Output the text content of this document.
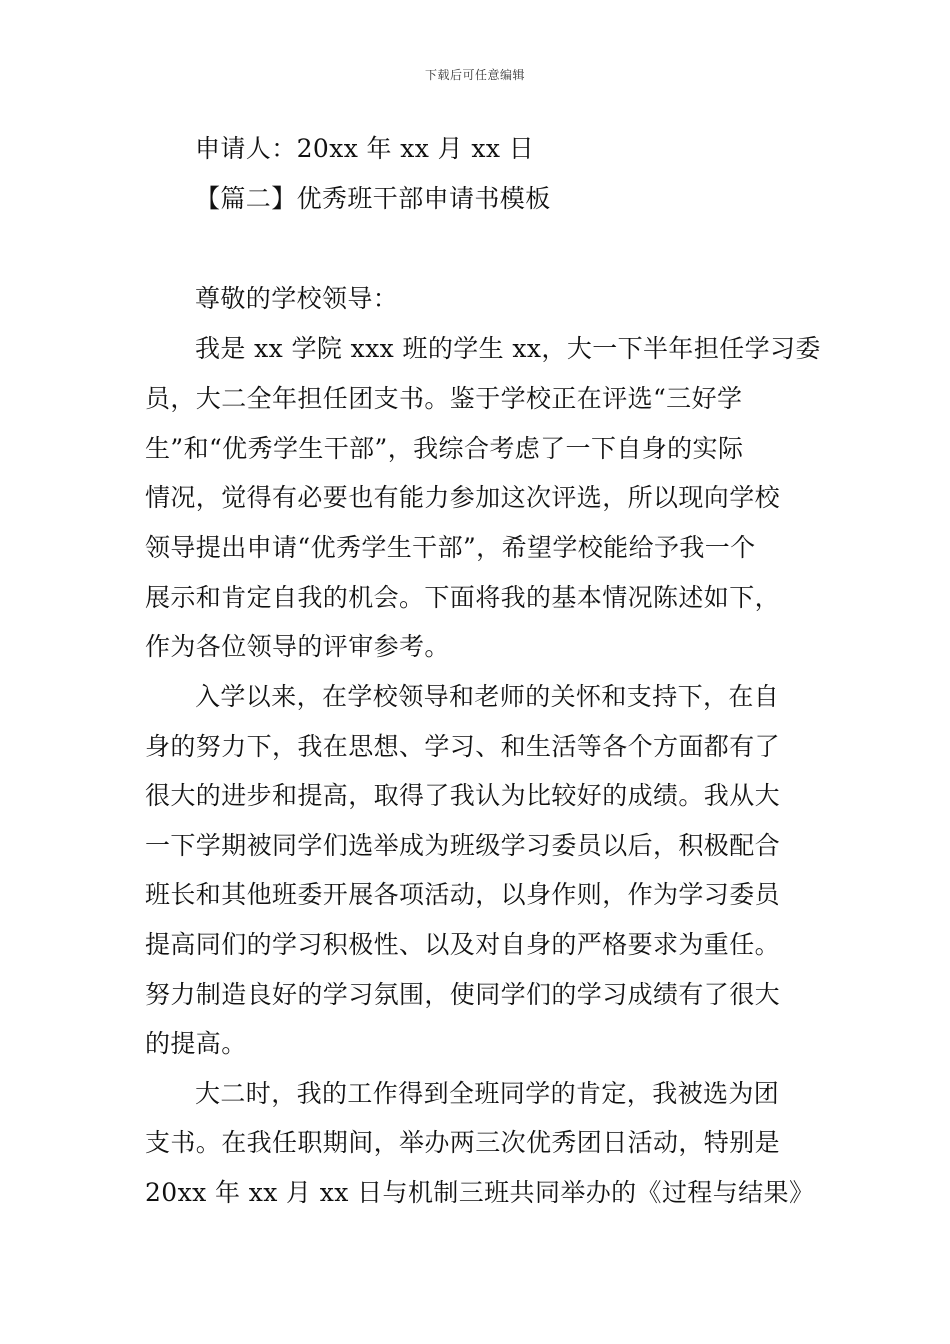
下载后可任意编辑
申请人：20xx 年 xx 月 xx 日
【篇二】优秀班干部申请书模板
尊敬的学校领导：
我是 xx 学院 xxx 班的学生 xx，大一下半年担任学习委
员，大二全年担任团支书。鉴于学校正在评选“三好学
生”和“优秀学生干部”，我综合考虑了一下自身的实际
情况，觉得有必要也有能力参加这次评选，所以现向学校
领导提出申请“优秀学生干部”，希望学校能给予我一个
展示和肯定自我的机会。下面将我的基本情况陈述如下，
作为各位领导的评审参考。
入学以来，在学校领导和老师的关怀和支持下，在自
身的努力下，我在思想、学习、和生活等各个方面都有了
很大的进步和提高，取得了我认为比较好的成绩。我从大
一下学期被同学们选举成为班级学习委员以后，积极配合
班长和其他班委开展各项活动，以身作则，作为学习委员
提高同们的学习积极性、以及对自身的严格要求为重任。
努力制造良好的学习氛围，使同学们的学习成绩有了很大
的提高。
大二时，我的工作得到全班同学的肯定，我被选为团
支书。在我任职期间，举办两三次优秀团日活动，特别是
20xx 年 xx 月 xx 日与机制三班共同举办的《过程与结果》
